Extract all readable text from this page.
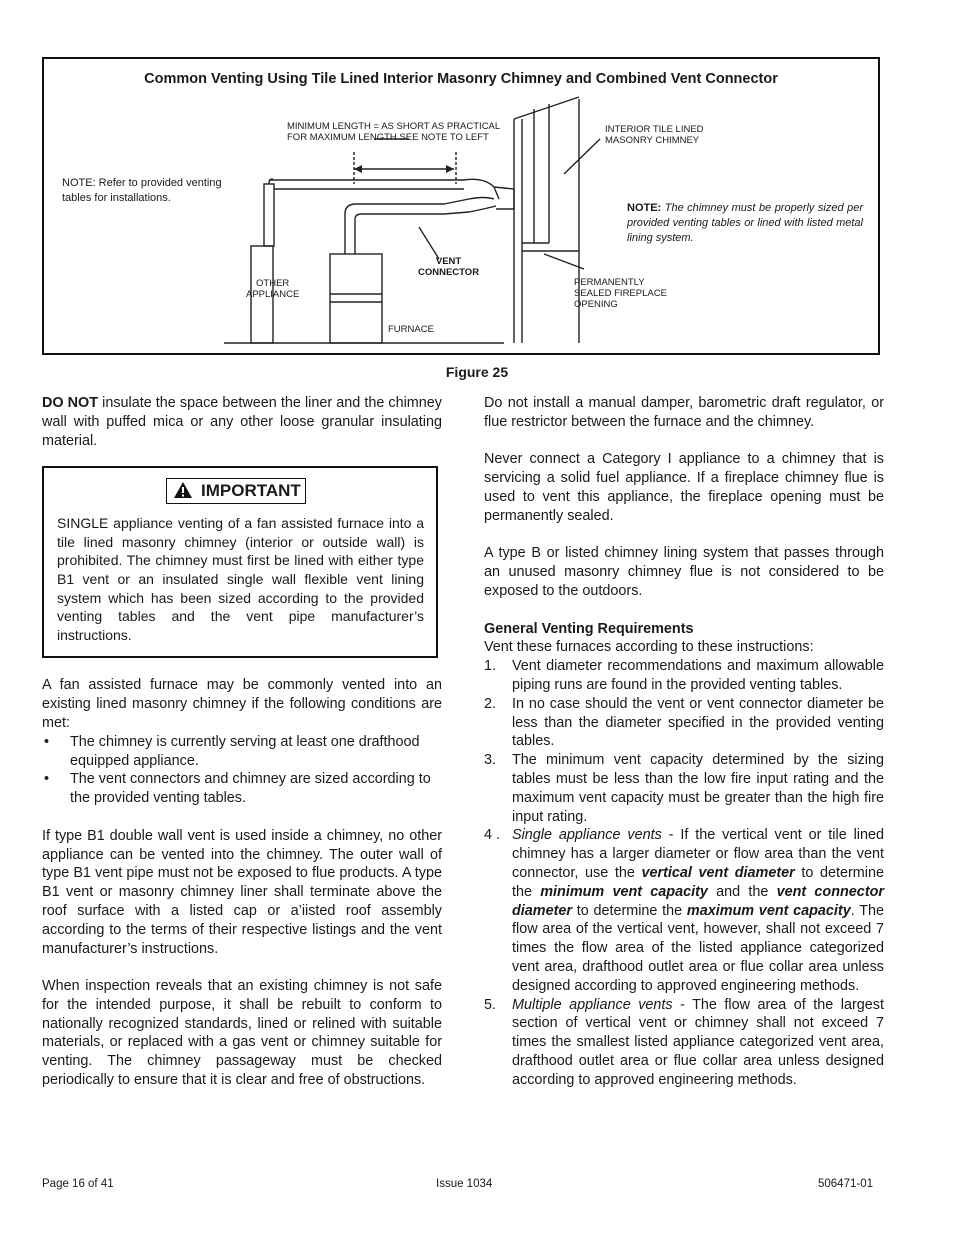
Common Venting Using Tile Lined Interior Masonry Chimney and Combined Vent Connector
MINIMUM LENGTH = AS SHORT AS PRACTICAL
FOR MAXIMUM LENGTH SEE NOTE TO LEFT
NOTE: Refer to provided venting
tables for installations.
INTERIOR TILE LINED
MASONRY CHIMNEY
NOTE: The chimney must be properly sized per provided venting tables or lined with listed metal lining system.
VENT
CONNECTOR
OTHER
APPLIANCE
PERMANENTLY
SEALED FIREPLACE
OPENING
FURNACE
Figure 25

DO NOT insulate the space between the liner and the chimney wall with puffed mica or any other loose granular insulating material.

IMPORTANT

SINGLE appliance venting of a fan assisted furnace into a tile lined masonry chimney (interior or outside wall) is prohibited. The chimney must first be lined with either type B1 vent or an insulated single wall flexible vent lining system which has been sized according to the provided venting tables and the vent pipe manufacturer’s instructions.

A fan assisted furnace may be commonly vented into an existing lined masonry chimney if the following conditions are met:

• The chimney is currently serving at least one drafthood equipped appliance.
• The vent connectors and chimney are sized according to the provided venting tables.

If type B1 double wall vent is used inside a chimney, no other appliance can be vented into the chimney. The outer wall of type B1 vent pipe must not be exposed to flue products. A type B1 vent or masonry chimney liner shall terminate above the roof surface with a listed cap or a’iisted roof assembly according to the terms of their respective listings and the vent manufacturer’s instructions.

When inspection reveals that an existing chimney is not safe for the intended purpose, it shall be rebuilt to conform to nationally recognized standards, lined or relined with suitable materials, or replaced with a gas vent or chimney suitable for venting. The chimney passageway must be checked periodically to ensure that it is clear and free of obstructions.

Do not install a manual damper, barometric draft regulator, or flue restrictor between the furnace and the chimney.

Never connect a Category I appliance to a chimney that is servicing a solid fuel appliance. If a fireplace chimney flue is used to vent this appliance, the fireplace opening must be permanently sealed.

A type B or listed chimney lining system that passes through an unused masonry chimney flue is not considered to be exposed to the outdoors.

General Venting Requirements

Vent these furnaces according to these instructions:

1. Vent diameter recommendations and maximum allowable piping runs are found in the provided venting tables.
2. In no case should the vent or vent connector diameter be less than the diameter specified in the provided venting tables.
3. The minimum vent capacity determined by the sizing tables must be less than the low fire input rating and the maximum vent capacity must be greater than the high fire input rating.
4 . Single appliance vents - If the vertical vent or tile lined chimney has a larger diameter or flow area than the vent connector, use the vertical vent diameter to determine the minimum vent capacity and the vent connector diameter to determine the maximum vent capacity. The flow area of the vertical vent, however, shall not exceed 7 times the flow area of the listed appliance categorized vent area, drafthood outlet area or flue collar area unless designed according to approved engineering methods.
5. Multiple appliance vents - The flow area of the largest section of vertical vent or chimney shall not exceed 7 times the smallest listed appliance categorized vent area, drafthood outlet area or flue collar area unless designed according to approved engineering methods.
Page 16 of 41	Issue 1034	506471-01
